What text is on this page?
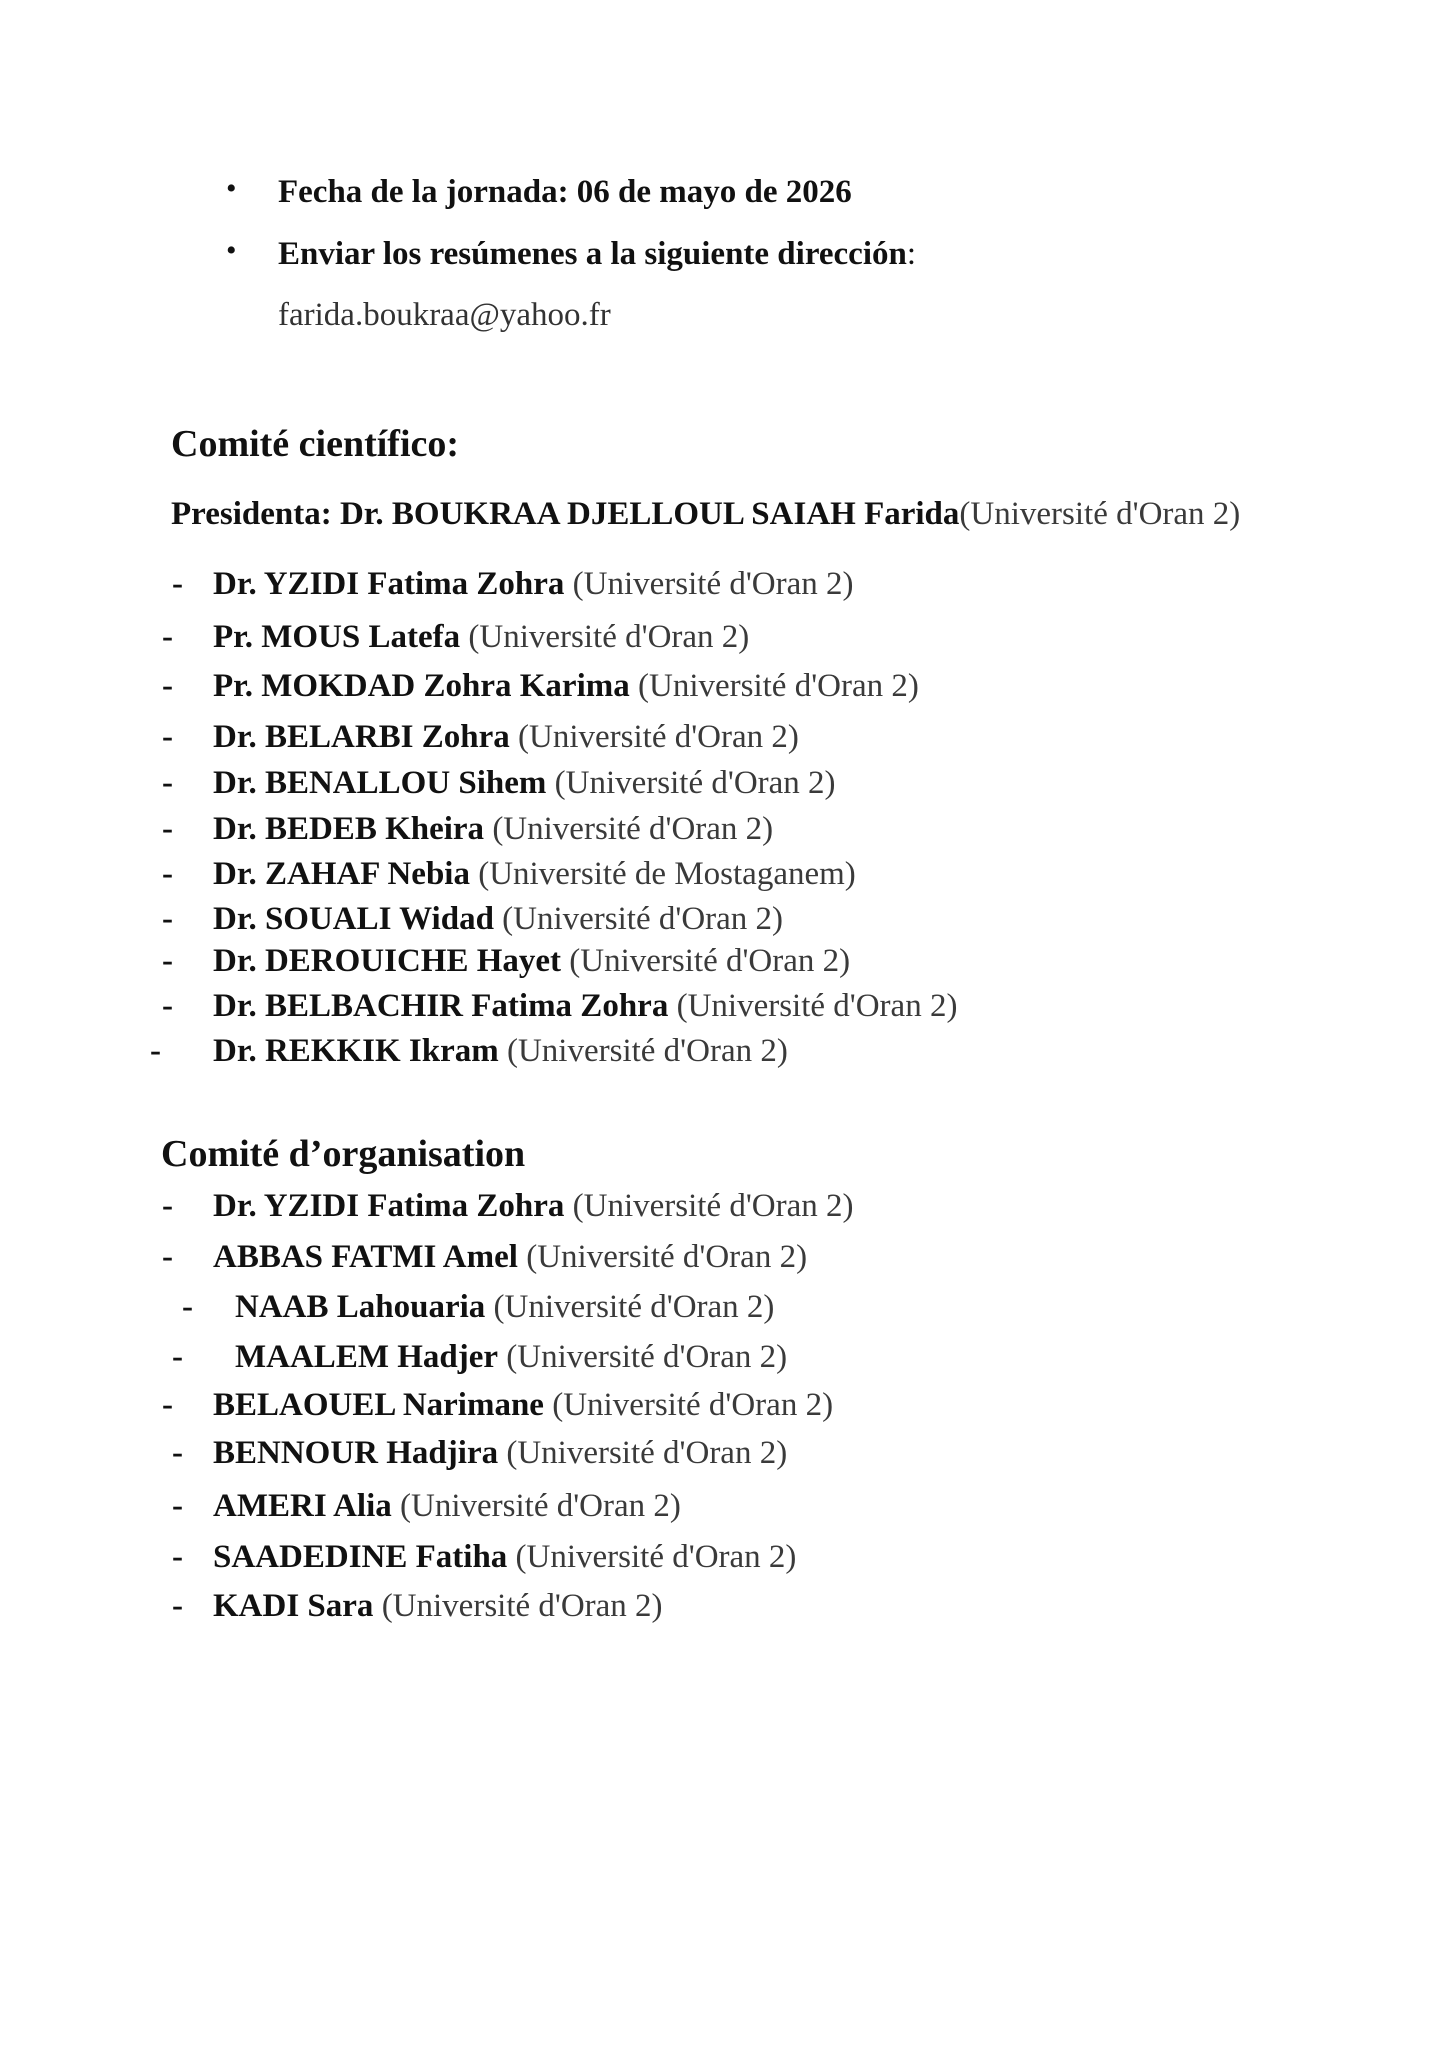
• Fecha de la jornada: 06 de mayo de 2026
• Enviar los resúmenes a la siguiente dirección:
farida.boukraa@yahoo.fr
Comité científico:
Presidenta: Dr. BOUKRAA DJELLOUL SAIAH Farida(Université d'Oran 2)
- Dr. YZIDI Fatima Zohra (Université d'Oran 2)
- Pr. MOUS Latefa (Université d'Oran 2)
- Pr. MOKDAD Zohra Karima (Université d'Oran 2)
- Dr. BELARBI Zohra (Université d'Oran 2)
- Dr. BENALLOU Sihem (Université d'Oran 2)
- Dr. BEDEB Kheira (Université d'Oran 2)
- Dr. ZAHAF Nebia (Université de Mostaganem)
- Dr. SOUALI Widad (Université d'Oran 2)
- Dr. DEROUICHE Hayet (Université d'Oran 2)
- Dr. BELBACHIR Fatima Zohra (Université d'Oran 2)
- Dr. REKKIK Ikram (Université d'Oran 2)
Comité d’organisation
- Dr. YZIDI Fatima Zohra (Université d'Oran 2)
- ABBAS FATMI Amel (Université d'Oran 2)
- NAAB Lahouaria (Université d'Oran 2)
- MAALEM Hadjer (Université d'Oran 2)
- BELAOUEL Narimane (Université d'Oran 2)
- BENNOUR Hadjira (Université d'Oran 2)
- AMERI Alia (Université d'Oran 2)
- SAADEDINE Fatiha (Université d'Oran 2)
- KADI Sara (Université d'Oran 2)
